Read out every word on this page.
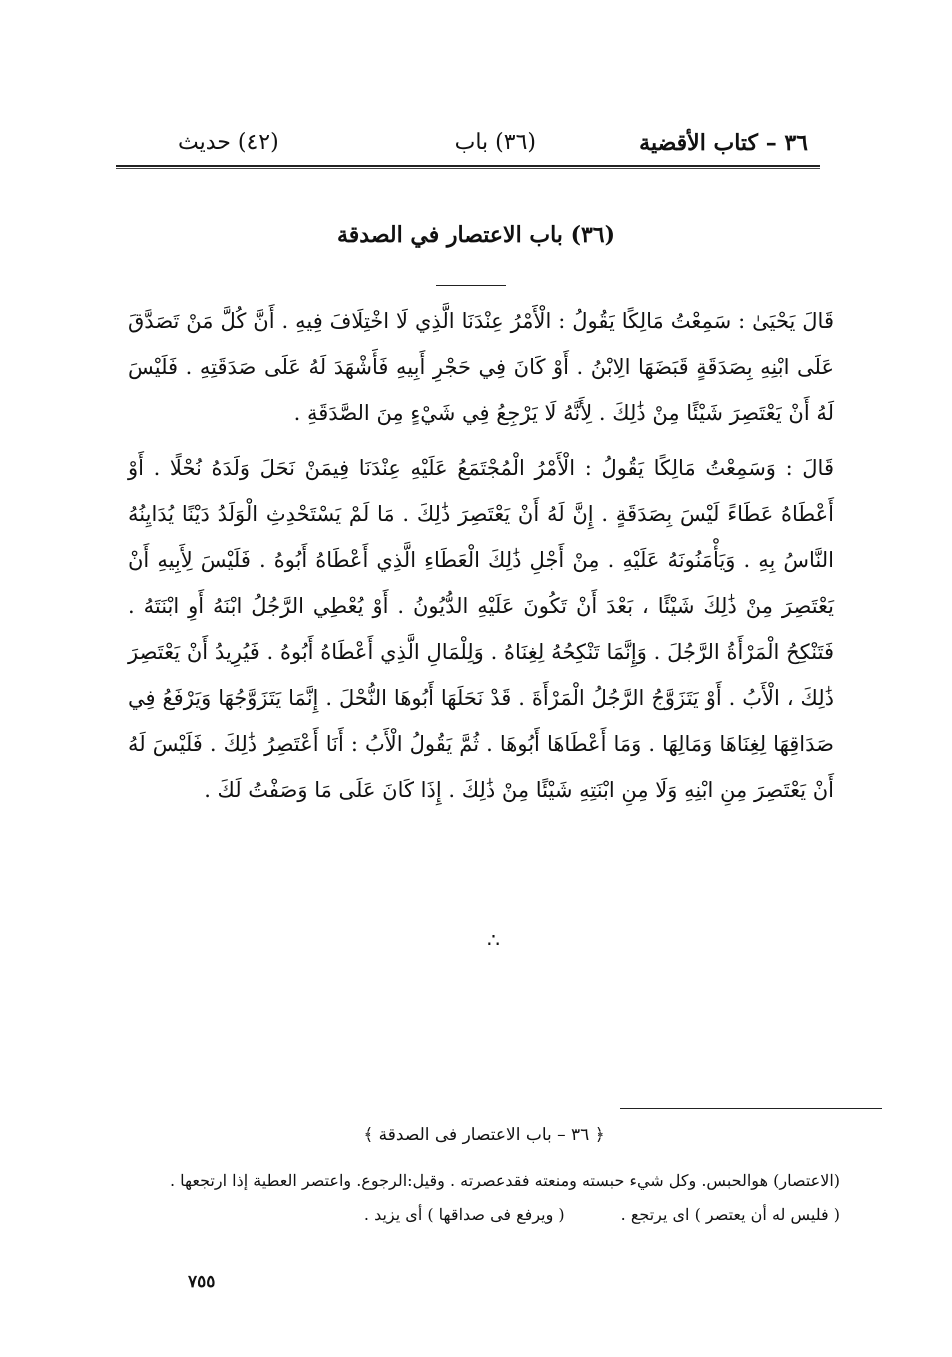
٣٦ – كتاب الأقضية
(٣٦) باب
(٤٢) حديث
(٣٦) باب الاعتصار في الصدقة

قَالَ يَحْيَىٰ : سَمِعْتُ مَالِكًا يَقُولُ : الْأَمْرُ عِنْدَنَا الَّذِي لَا اخْتِلَافَ فِيهِ . أَنَّ كُلَّ مَنْ تَصَدَّقَ عَلَى ابْنِهِ بِصَدَقَةٍ قَبَضَهَا الِابْنُ . أَوْ كَانَ فِي حَجْرِ أَبِيهِ فَأَشْهَدَ لَهُ عَلَى صَدَقَتِهِ . فَلَيْسَ لَهُ أَنْ يَعْتَصِرَ شَيْئًا مِنْ ذَٰلِكَ . لِأَنَّهُ لَا يَرْجِعُ فِي شَيْءٍ مِنَ الصَّدَقَةِ .

قَالَ : وَسَمِعْتُ مَالِكًا يَقُولُ : الْأَمْرُ الْمُجْتَمَعُ عَلَيْهِ عِنْدَنَا فِيمَنْ نَحَلَ وَلَدَهُ نُحْلًا . أَوْ أَعْطَاهُ عَطَاءً لَيْسَ بِصَدَقَةٍ . إِنَّ لَهُ أَنْ يَعْتَصِرَ ذَٰلِكَ . مَا لَمْ يَسْتَحْدِثِ الْوَلَدُ دَيْنًا يُدَايِنُهُ النَّاسُ بِهِ . وَيَأْمَنُونَهُ عَلَيْهِ . مِنْ أَجْلِ ذَٰلِكَ الْعَطَاءِ الَّذِي أَعْطَاهُ أَبُوهُ . فَلَيْسَ لِأَبِيهِ أَنْ يَعْتَصِرَ مِنْ ذَٰلِكَ شَيْئًا ، بَعْدَ أَنْ تَكُونَ عَلَيْهِ الدُّيُونُ . أَوْ يُعْطِي الرَّجُلُ ابْنَهُ أَوِ ابْنَتَهُ . فَتَنْكِحُ الْمَرْأَةُ الرَّجُلَ . وَإِنَّمَا تَنْكِحُهُ لِغِنَاهُ . وَلِلْمَالِ الَّذِي أَعْطَاهُ أَبُوهُ . فَيُرِيدُ أَنْ يَعْتَصِرَ ذَٰلِكَ ، الْأَبُ . أَوْ يَتَزَوَّجُ الرَّجُلُ الْمَرْأَةَ . قَدْ نَحَلَهَا أَبُوهَا النُّحْلَ . إِنَّمَا يَتَزَوَّجُهَا وَيَرْفَعُ فِي صَدَاقِهَا لِغِنَاهَا وَمَالِهَا . وَمَا أَعْطَاهَا أَبُوهَا . ثُمَّ يَقُولُ الْأَبُ : أَنَا أَعْتَصِرُ ذَٰلِكَ . فَلَيْسَ لَهُ أَنْ يَعْتَصِرَ مِنِ ابْنِهِ وَلَا مِنِ ابْنَتِهِ شَيْئًا مِنْ ذَٰلِكَ . إِذَا كَانَ عَلَى مَا وَصَفْتُ لَكَ .

∴

﴿ ٣٦ – باب الاعتصار فى الصدقة ﴾

(الاعتصار) هوالحبس. وكل شيء حبسته ومنعته فقدعصرته . وقيل:الرجوع. واعتصر العطية إذا ارتجعها .

( فليس له أن يعتصر ) اى يرتجع .( ويرفع فى صداقها ) أى يزيد .

٧٥٥
